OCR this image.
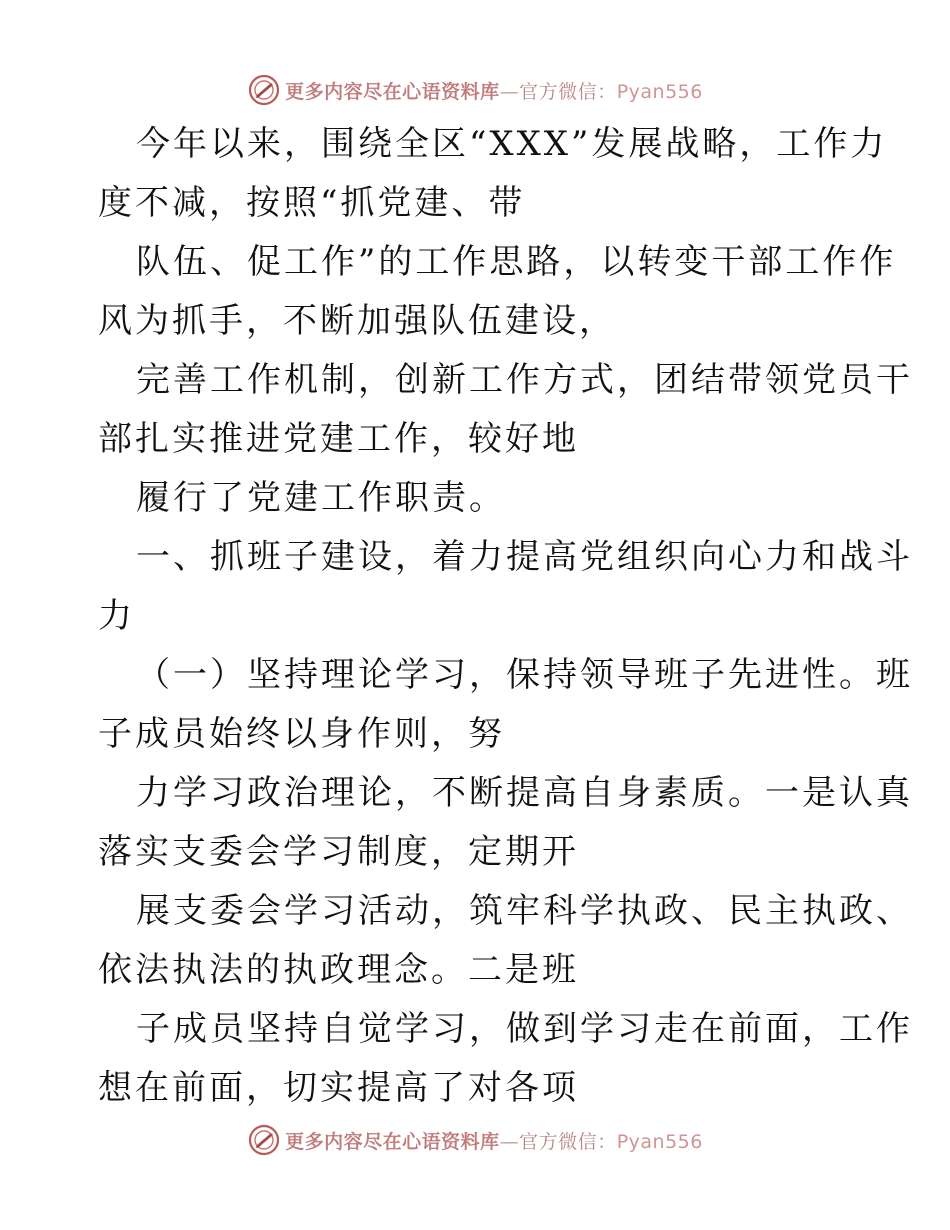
更多内容尽在心语资料库—官方微信：Pyan556
今年以来，围绕全区“XXX”发展战略，工作力
度不减，按照“抓党建、带
队伍、促工作”的工作思路，以转变干部工作作
风为抓手，不断加强队伍建设，
完善工作机制，创新工作方式，团结带领党员干
部扎实推进党建工作，较好地
履行了党建工作职责。
一、抓班子建设，着力提高党组织向心力和战斗
力
（一）坚持理论学习，保持领导班子先进性。班
子成员始终以身作则，努
力学习政治理论，不断提高自身素质。一是认真
落实支委会学习制度，定期开
展支委会学习活动，筑牢科学执政、民主执政、
依法执法的执政理念。二是班
子成员坚持自觉学习，做到学习走在前面，工作
想在前面，切实提高了对各项
更多内容尽在心语资料库—官方微信：Pyan556
